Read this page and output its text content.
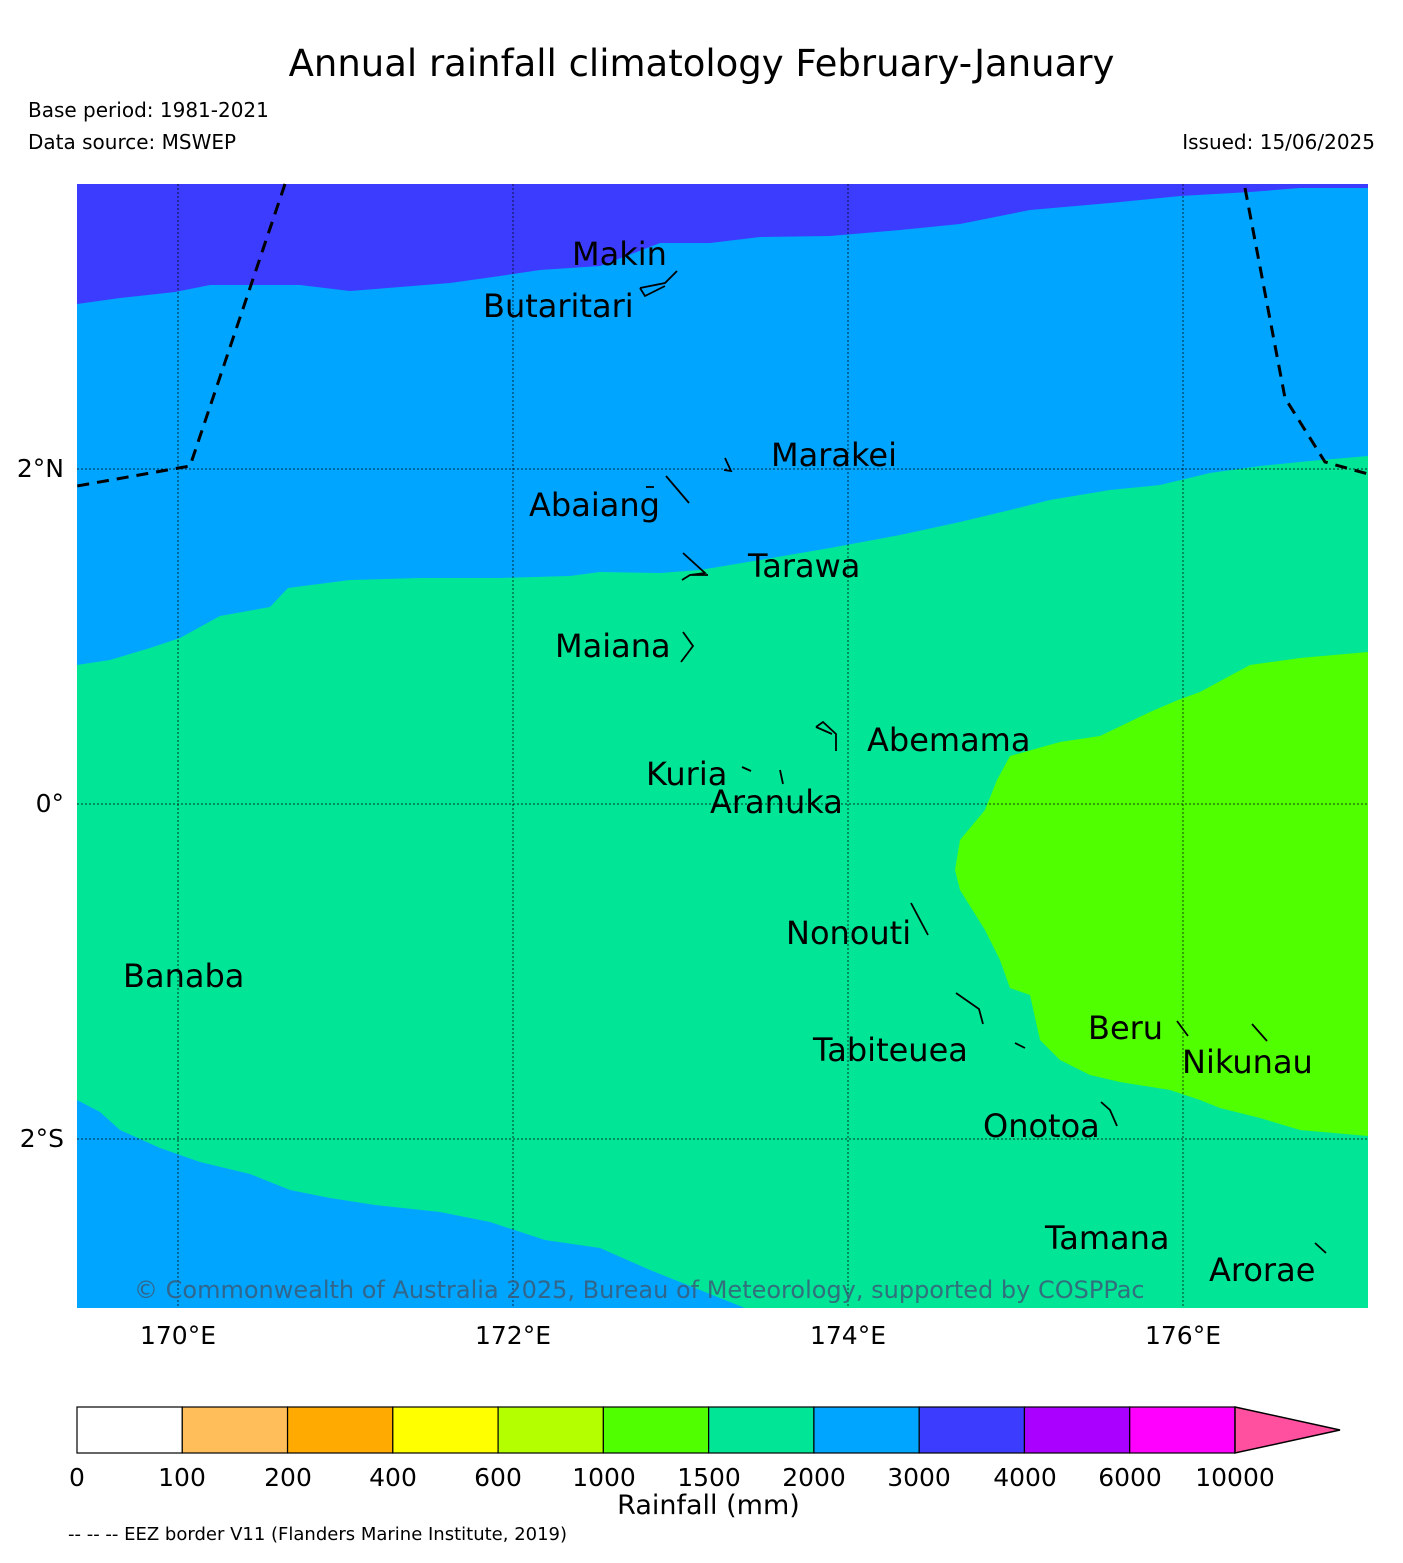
Annual rainfall climatology February-January
Base period: 1981-2021
Data source: MSWEP	Issued: 15/06/2025
Makin
Butaritari
Marakei
Abaiang
Tarawa
Maiana
Abemama
Kuria
Aranuka
Nonouti
Banaba
Beru
Tabiteuea	Nikunau
Onotoa
Tamana
Arorae
© Commonwealth of Australia 2025, Bureau of Meteorology, supported by COSPPac
170°E	172°E	174°E	176°E
2°N
0°
2°S
0	100 200 400 600 1000 1500 2000 3000 4000 6000 10000
Rainfall (mm)
-- -- -- EEZ border V11 (Flanders Marine Institute, 2019)
